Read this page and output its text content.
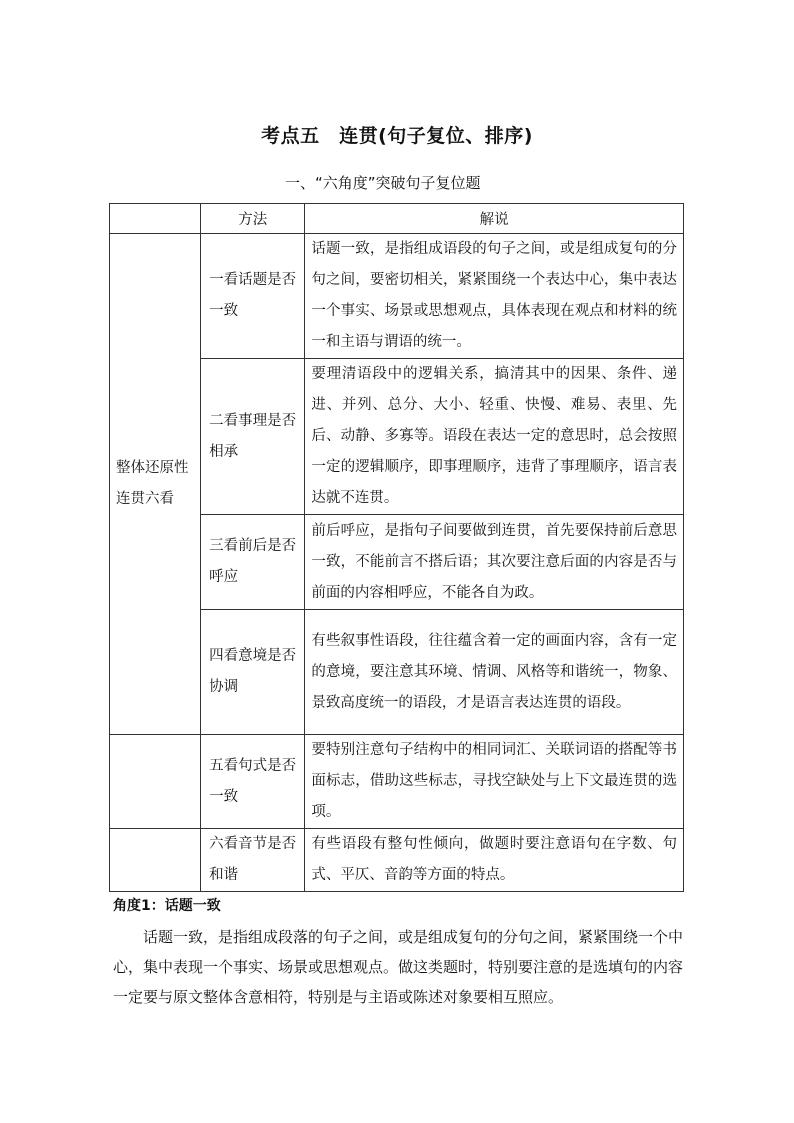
考点五　连贯(句子复位、排序)
一、“六角度”突破句子复位题
	方法	解说
整体还原性连贯六看	一看话题是否一致	话题一致，是指组成语段的句子之间，或是组成复句的分句之间，要密切相关，紧紧围绕一个表达中心，集中表达一个事实、场景或思想观点，具体表现在观点和材料的统一和主语与谓语的统一。
	二看事理是否相承	要理清语段中的逻辑关系，搞清其中的因果、条件、递进、并列、总分、大小、轻重、快慢、难易、表里、先后、动静、多寡等。语段在表达一定的意思时，总会按照一定的逻辑顺序，即事理顺序，违背了事理顺序，语言表达就不连贯。
	三看前后是否呼应	前后呼应，是指句子间要做到连贯，首先要保持前后意思一致，不能前言不搭后语；其次要注意后面的内容是否与前面的内容相呼应，不能各自为政。
	四看意境是否协调	有些叙事性语段，往往蕴含着一定的画面内容，含有一定的意境，要注意其环境、情调、风格等和谐统一，物象、景致高度统一的语段，才是语言表达连贯的语段。
	五看句式是否一致	要特别注意句子结构中的相同词汇、关联词语的搭配等书面标志，借助这些标志，寻找空缺处与上下文最连贯的选项。
	六看音节是否和谐	有些语段有整句性倾向，做题时要注意语句在字数、句式、平仄、音韵等方面的特点。
角度1：话题一致
话题一致，是指组成段落的句子之间，或是组成复句的分句之间，紧紧围绕一个中心，集中表现一个事实、场景或思想观点。做这类题时，特别要注意的是选填句的内容一定要与原文整体含意相符，特别是与主语或陈述对象要相互照应。
